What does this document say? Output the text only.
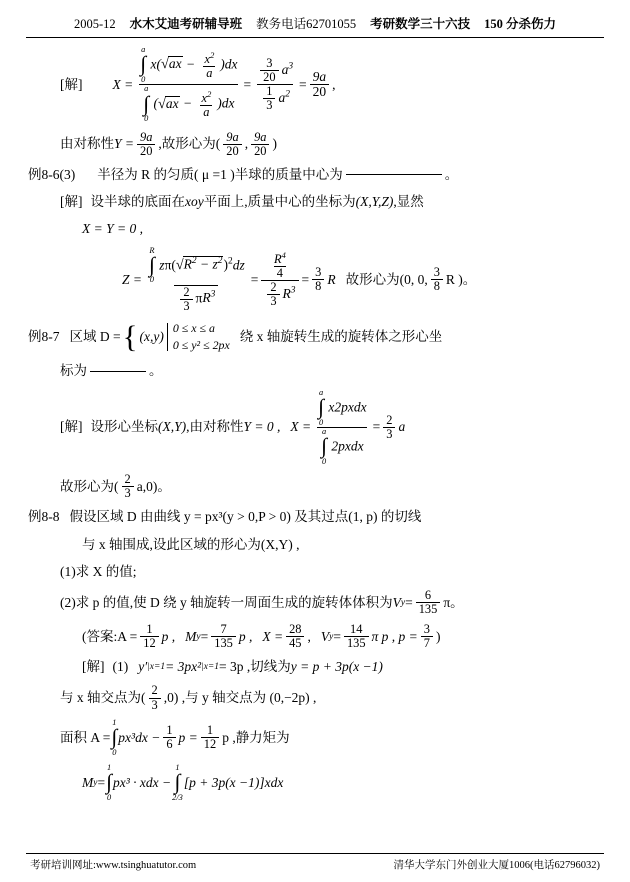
2005-12 水木艾迪考研辅导班 教务电话62701055 考研数学三十六技 150 分杀伤力
[解] X =
a
∫
0
x( √ ax − $\frac{x^2}{a} )dx$
a
∫
0
( √ ax − $\frac{x^2}{a} )dx$
= $\frac{\frac{3}{20} a^3}{\frac{1}{3} a^2} = \frac{9a}{20}$ ,
由对称性 $Y = \frac{9a}{20}$ ,故形心为 ( $\frac{9a}{20}$ , $\frac{9a}{20}$ )
例8-6(3) 半径为 R 的匀质( μ =1 )半球的质量中心为	。
[解] 设半球的底面在 xoy 平面上,质量中心的坐标为 (X,Y,Z) ,显然
X = Y = 0 ,
Z =
R
∫
0
zπ( √ $R^2 - z^2$ )$^2$dz
$\frac{2}{3} \pi R^3$
= $\frac{\frac{R^4}{4}}{\frac{2}{3} R^3} = \frac{3}{8}$ R 故形心为(0, 0, $\frac{3}{8}$ R )。
例8-7 区域 D = { (x,y)
0 ≤ x ≤ a
0 ≤ y² ≤ 2px
绕 x 轴旋转生成的旋转体之形心坐
标为	。
[解] 设形心坐标 (X,Y) ,由对称性 Y = 0 , X = a
∫
0
x2pxdx
a
∫
0
2pxdx = $\frac{2}{3}$ a
故形心为( $\frac{2}{3} a,0$)。
例8-8 假设区域 D 由曲线 y = px³(y > 0,P > 0) 及其过点(1, p) 的切线
与 x 轴围成,设此区域的形心为(X,Y) ,
(1)求 X 的值;
(2)求 p 的值,使 D 绕 y 轴旋转一周面生成的旋转体体积为 V $y = \frac{6}{135}$ π。
(答案:A = $\frac{1}{12}$ p , M $y = \frac{7}{135}$ p , $X = \frac{28}{45}$ , V $y = \frac{14}{135}$ π p , $p = \frac{3}{7}$ )
[解] (1) y′ |x=1 = 3px² |x=1 = 3p ,切线为 y = p + 3p(x −1)
与 x 轴交点为( $\frac{2}{3} ,0$) ,与 y 轴交点为 (0,−2p) ,
面积 A =
1
∫
0
$px^3dx - \frac{1}{6}$ $p = \frac{1}{12}$ p ,静力矩为
M y =
1
∫
0
px³ · xdx −
1
∫
2/3
[p + 3p(x −1)]xdx
考研培训网址:www.tsinghuatutor.com	清华大学东门外创业大厦1006(电话62796032)
